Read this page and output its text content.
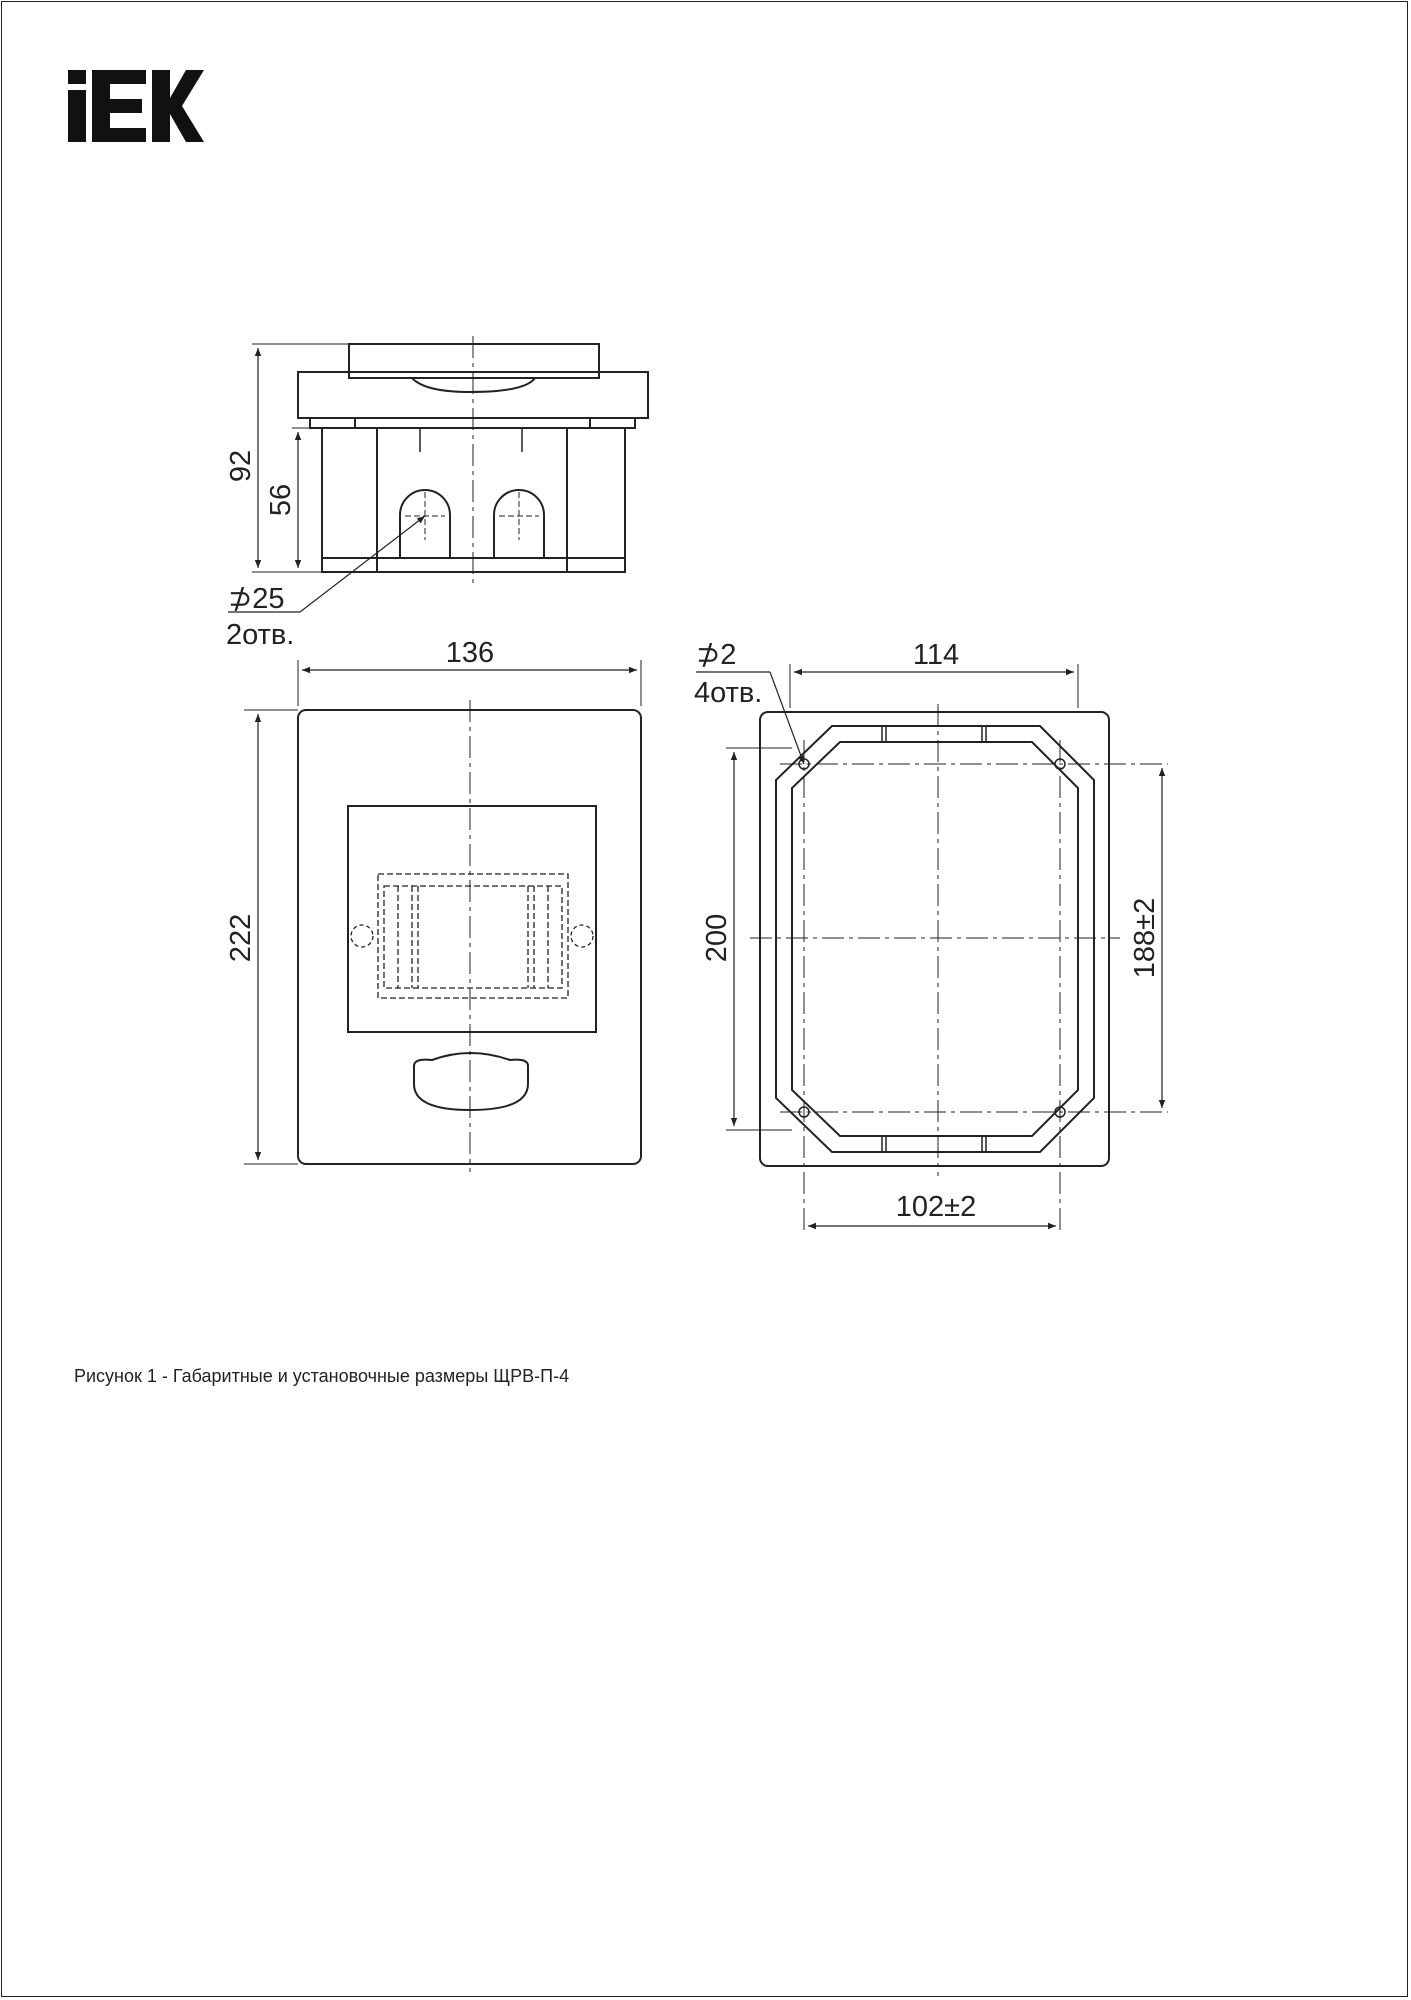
92
56
⊅25
2отв.
136
222
⊅2
4отв.
114
200	188±2
102±2
Рисунок 1 - Габаритные и установочные размеры ЩРВ-П-4
